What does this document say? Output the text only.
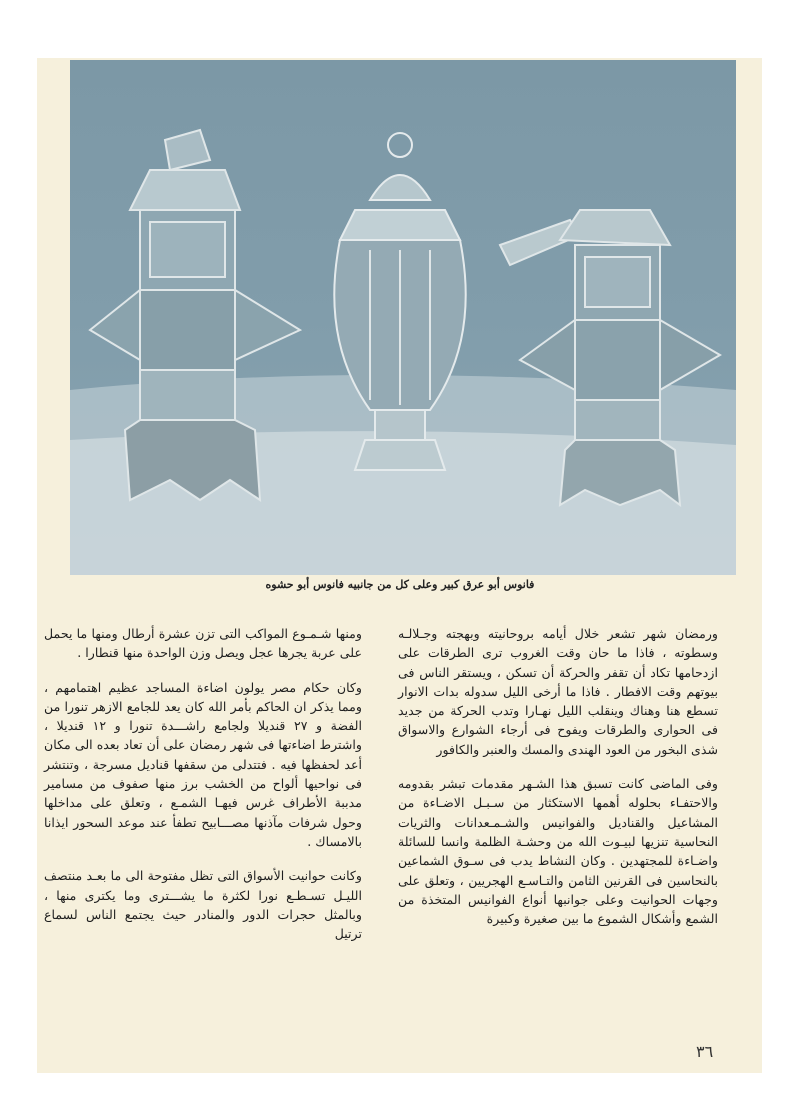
فانوس أبو عرق كبير وعلى كل من جانبيه فانوس أبو حشوه

ورمضان شهر تشعر خلال أيامه بروحانيته وبهجته وجـلالـه وسطوته ، فاذا ما حان وقت الغروب ترى الطرقات على ازدحامها تكاد أن تقفر والحركة أن تسكن ، ويستقر الناس فى بيوتهم وقت الافطار . فاذا ما أرخى الليل سدوله بدات الانوار تسطع هنا وهناك وينقلب الليل نهـارا وتدب الحركة من جديد فى الحوارى والطرقات ويفوح فى أرجاء الشوارع والاسواق شذى البخور من العود الهندى والمسك والعنبر والكافور

وفى الماضى كانت تسبق هذا الشـهر مقدمات تبشر بقدومه والاحتفـاء بحلوله أهمها الاستكثار من سـبـل الاضـاءة من المشاعيل والقناديل والفوانيس والشـمـعدانات والثريات النحاسية تنزيها لبيـوت الله من وحشـة الظلمة وانسا للسائلة واضـاءة للمجتهدين . وكان النشاط يدب فى سـوق الشماعين بالنحاسين فى القرنين الثامن والتـاسـع الهجريين ، وتعلق على وجهات الحوانيت وعلى جوانبها أنواع الفوانيس المتخذة من الشمع وأشكال الشموع ما بين صغيرة وكبيرة

ومنها شـمـوع المواكب التى تزن عشرة أرطال ومنها ما يحمل على عربة يجرها عجل ويصل وزن الواحدة منها قنطارا .

وكان حكام مصر يولون اضاءة المساجد عظيم اهتمامهم ، ومما يذكر ان الحاكم بأمر الله كان يعد للجامع الازهر تنورا من الفضة و ٢٧ قنديلا ولجامع راشـــدة تنورا و ١٢ قنديلا ، واشترط اضاءتها فى شهر رمضان على أن تعاد بعده الى مكان أعد لحفظها فيه . فتتدلى من سقفها قناديل مسرجة ، وتنتشر فى نواحيها ألواح من الخشب برز منها صفوف من مسامير مدببة الأطراف غرس فيهـا الشمـع ، وتعلق على مداخلها وحول شرفات مآذنها مصـــابيح تطفأ عند موعد السحور ايذانا بالامساك .

وكانت حوانيت الأسواق التى تظل مفتوحة الى ما بعـد منتصف الليـل تسـطـع نورا لكثرة ما يشـــترى وما يكترى منها ، وبالمثل حجرات الدور والمنادر حيث يجتمع الناس لسماع ترتيل

٣٦
